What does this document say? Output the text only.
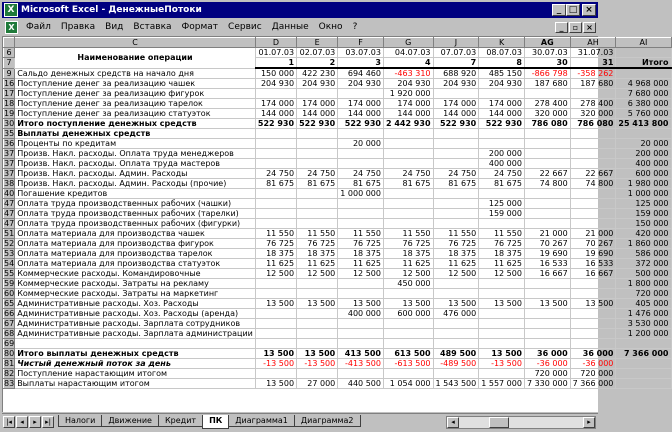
X Microsoft Excel - ДенежныеПотоки	_ □ ×
X	Файл	Правка	Вид	Вставка	Формат	Сервис	Данные	Окно	?	_	▫ ×
	C	D	E	F	G	J	K	AG	AH	AI
6	Наименование операции	01.07.03	02.07.03	03.07.03	04.07.03	07.07.03	08.07.03	30.07.03	31.07.03	
7		1	2	3	4	7	8	30	31	Итого
9	Сальдо денежных средств на начало дня	150 000	422 230	694 460	-463 310	688 920	485 150	-866 798	-358 262	
16	Поступление денег за реализацию чашек	204 930	204 930	204 930	204 930	204 930	204 930	187 680	187 680	4 968 000
17	Поступление денег за реализацию фигурок				1 920 000					7 680 000
18	Поступление денег за реализацию тарелок	174 000	174 000	174 000	174 000	174 000	174 000	278 400	278 400	6 380 000
19	Поступление денег за реализацию статуэток	144 000	144 000	144 000	144 000	144 000	144 000	320 000	320 000	5 760 000
30	Итого поступление денежных средств	522 930	522 930	522 930	2 442 930	522 930	522 930	786 080	786 080	25 413 800
35	Выплаты денежных средств									
36	Проценты по кредитам			20 000						20 000
37	Произв. Накл. расходы. Оплата труда менеджеров						200 000			200 000
37	Произв. Накл. расходы. Оплата труда мастеров						400 000			400 000
37	Произв. Накл. расходы. Админ. Расходы	24 750	24 750	24 750	24 750	24 750	24 750	22 667	22 667	600 000
38	Произв. Накл. расходы. Админ. Расходы (прочие)	81 675	81 675	81 675	81 675	81 675	81 675	74 800	74 800	1 980 000
40	Погашение кредитов			1 000 000						1 000 000
47	Оплата труда производственных рабочих (чашки)						125 000			125 000
47	Оплата труда производственных рабочих (тарелки)						159 000			159 000
47	Оплата труда производственных рабочих (фигурки)									150 000
51	Оплата материала для производства чашек	11 550	11 550	11 550	11 550	11 550	11 550	21 000	21 000	420 000
52	Оплата материала для производства фигурок	76 725	76 725	76 725	76 725	76 725	76 725	70 267	70 267	1 860 000
53	Оплата материала для производства тарелок	18 375	18 375	18 375	18 375	18 375	18 375	19 690	19 690	586 000
54	Оплата материала для производства статуэток	11 625	11 625	11 625	11 625	11 625	11 625	16 533	16 533	372 000
55	Коммерческие расходы. Командировочные	12 500	12 500	12 500	12 500	12 500	12 500	16 667	16 667	500 000
59	Коммерческие расходы. Затраты на рекламу				450 000					1 800 000
60	Коммерческие расходы. Затраты на маркетинг									720 000
65	Административные расходы. Хоз. Расходы	13 500	13 500	13 500	13 500	13 500	13 500	13 500	13 500	405 000
66	Административные расходы. Хоз. Расходы (аренда)			400 000	600 000	476 000				1 476 000
67	Административные расходы. Зарплата сотрудников									3 530 000
68	Административные расходы. Зарплата администрации									1 200 000
69										
80	Итого выплаты денежных средств	13 500	13 500	413 500	613 500	489 500	13 500	36 000	36 000	7 366 000
81	Чистый денежный поток за день	-13 500	-13 500	-413 500	-613 500	-489 500	-13 500	-36 000	-36 000	
82	Поступление нарастающим итогом							720 000	720 000	
83	Выплаты нарастающим итогом	13 500	27 000	440 500	1 054 000	1 543 500	1 557 000	7 330 000	7 366 000	
|◂	◂	▸	▸|	Налоги	Движение	Кредит	ПК	Диаграмма1	Диаграмма2	◂	▸
